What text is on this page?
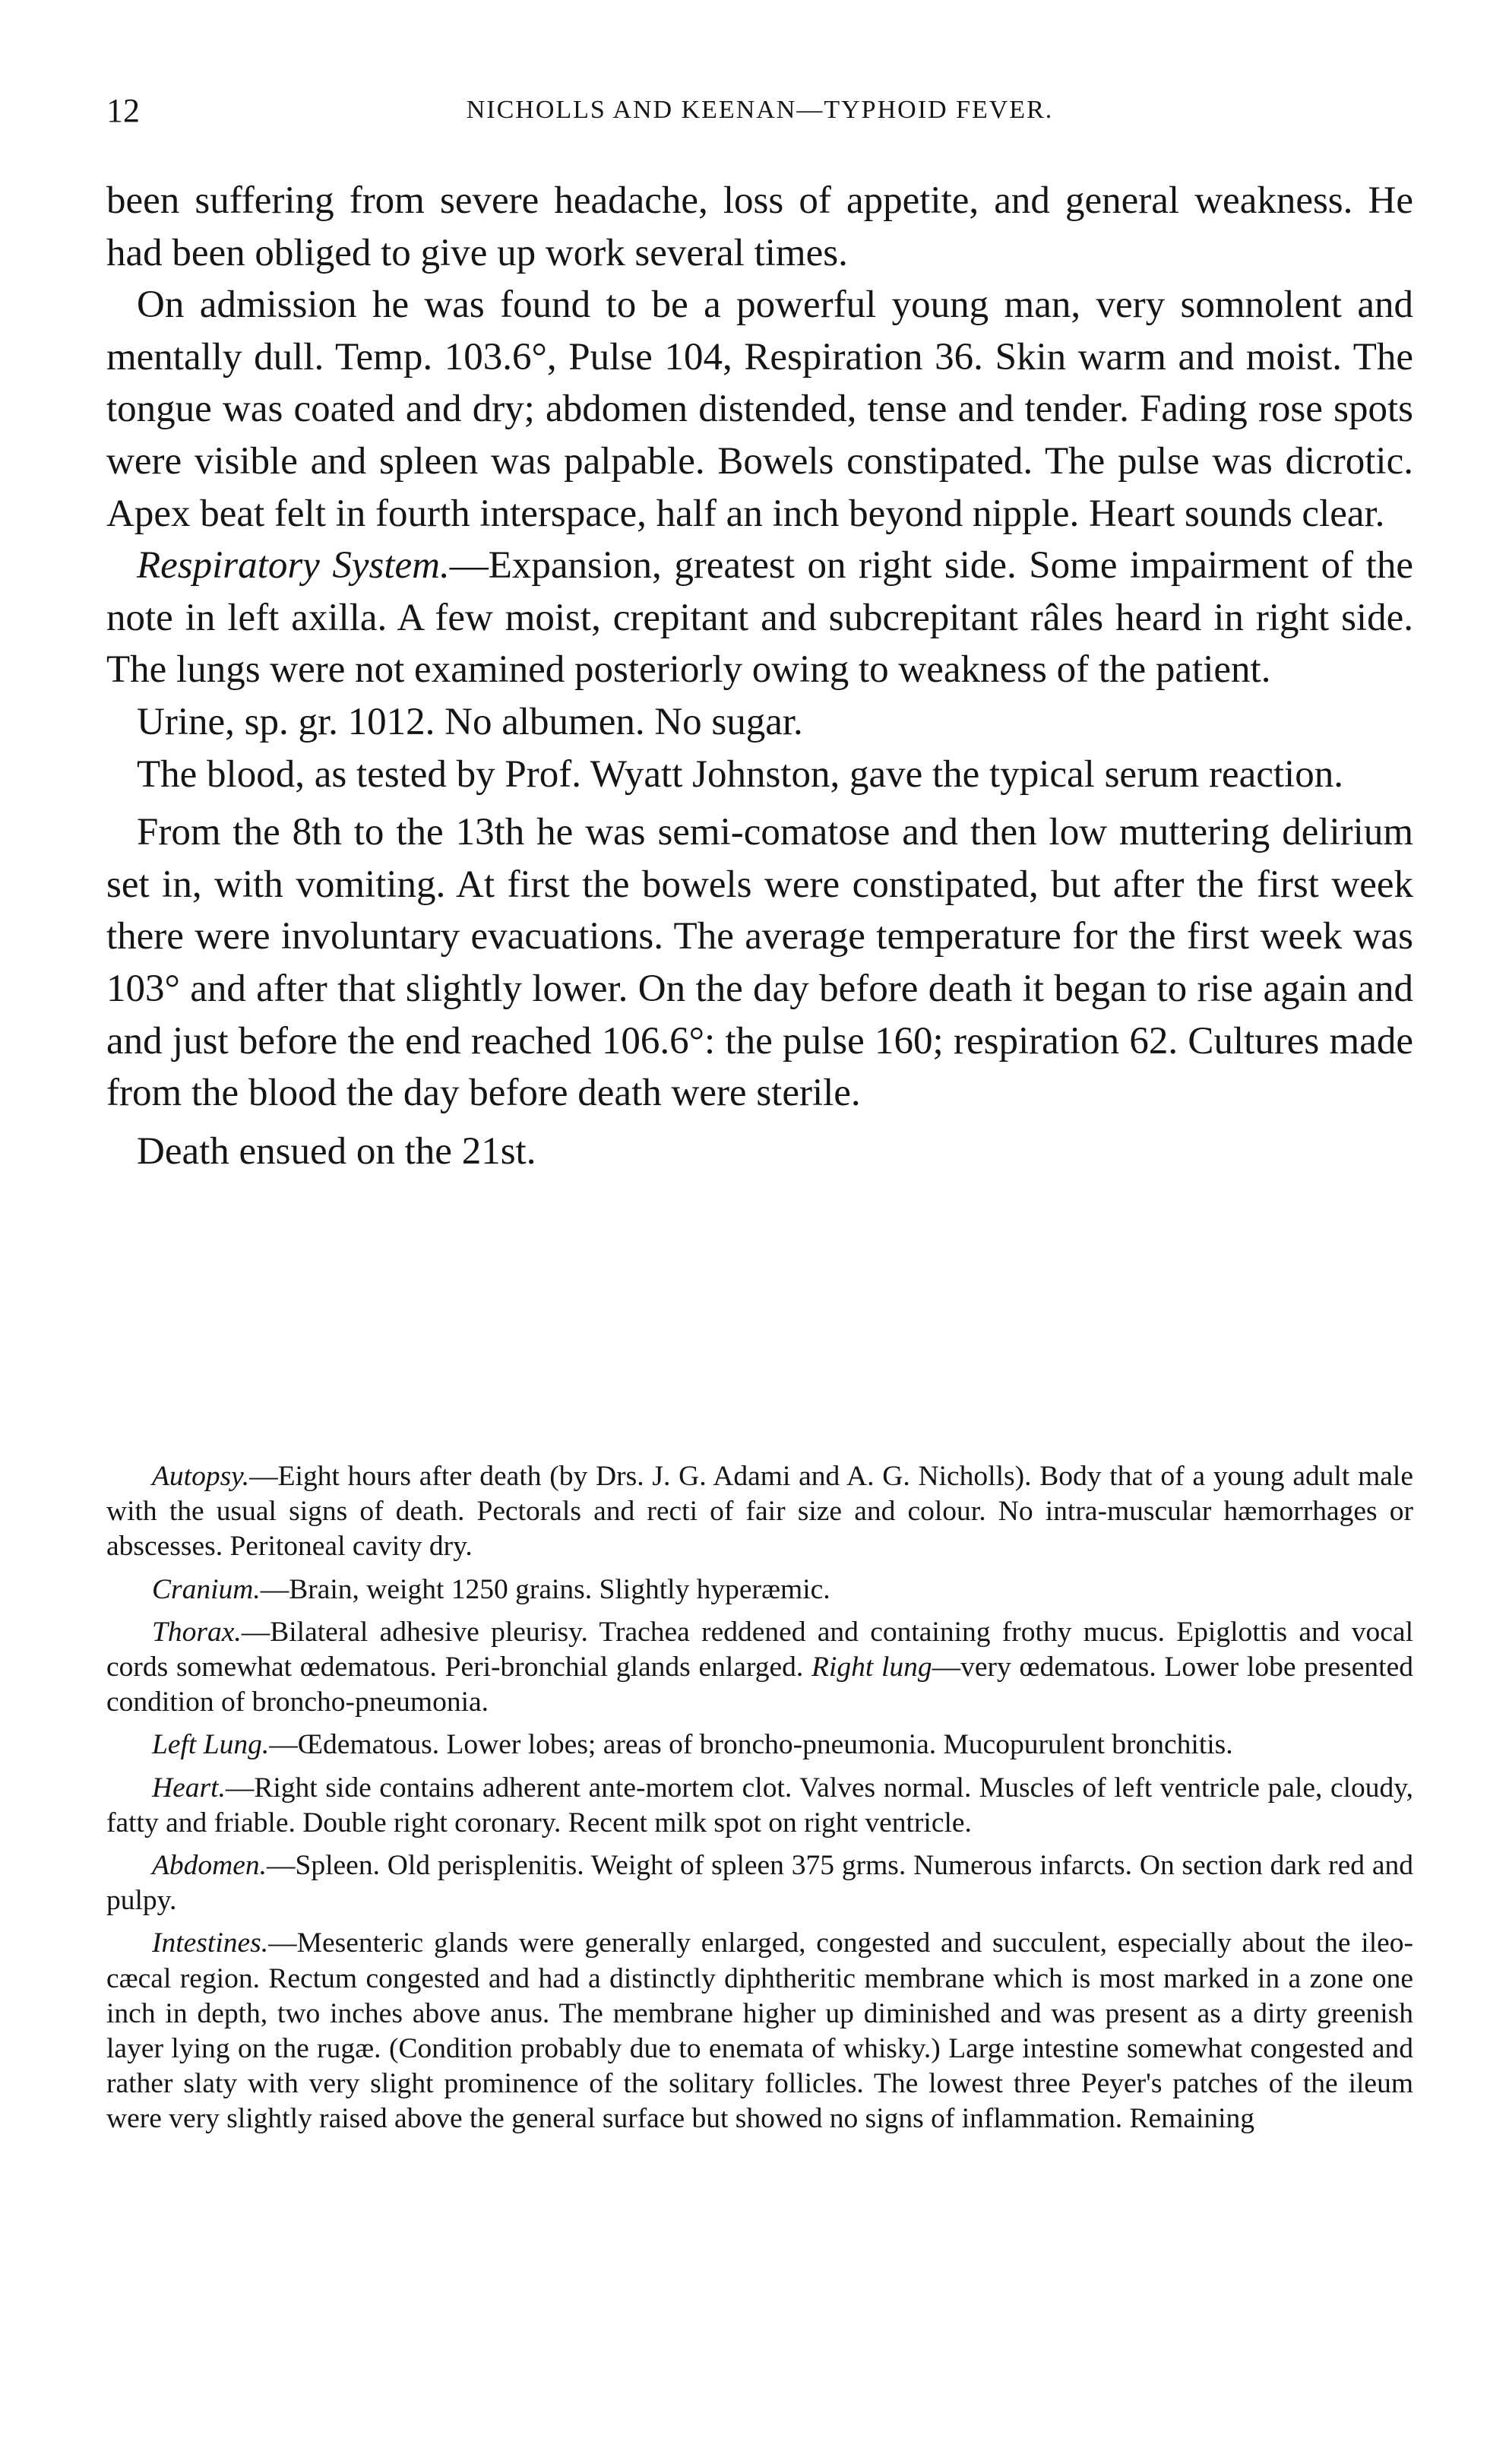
12	NICHOLLS AND KEENAN—TYPHOID FEVER.

been suffering from severe headache, loss of appetite, and general weakness. He had been obliged to give up work several times.

On admission he was found to be a powerful young man, very somnolent and mentally dull. Temp. 103.6°, Pulse 104, Respiration 36. Skin warm and moist. The tongue was coated and dry; abdomen distended, tense and tender. Fading rose spots were visible and spleen was palpable. Bowels constipated. The pulse was dicrotic. Apex beat felt in fourth interspace, half an inch beyond nipple. Heart sounds clear.

Respiratory System.—Expansion, greatest on right side. Some impairment of the note in left axilla. A few moist, crepitant and subcrepitant râles heard in right side. The lungs were not examined posteriorly owing to weakness of the patient.

Urine, sp. gr. 1012. No albumen. No sugar.

The blood, as tested by Prof. Wyatt Johnston, gave the typical serum reaction.

From the 8th to the 13th he was semi-comatose and then low muttering delirium set in, with vomiting. At first the bowels were constipated, but after the first week there were involuntary evacuations. The average temperature for the first week was 103° and after that slightly lower. On the day before death it began to rise again and and just before the end reached 106.6°: the pulse 160; respiration 62. Cultures made from the blood the day before death were sterile.

Death ensued on the 21st.

Autopsy.—Eight hours after death (by Drs. J. G. Adami and A. G. Nicholls). Body that of a young adult male with the usual signs of death. Pectorals and recti of fair size and colour. No intra-muscular hæmorrhages or abscesses. Peritoneal cavity dry.

Cranium.—Brain, weight 1250 grains. Slightly hyperæmic.

Thorax.—Bilateral adhesive pleurisy. Trachea reddened and containing frothy mucus. Epiglottis and vocal cords somewhat œdematous. Peri-bronchial glands enlarged. Right lung—very œdematous. Lower lobe presented condition of broncho-pneumonia.

Left Lung.—Œdematous. Lower lobes; areas of broncho-pneumonia. Mucopurulent bronchitis.

Heart.—Right side contains adherent ante-mortem clot. Valves normal. Muscles of left ventricle pale, cloudy, fatty and friable. Double right coronary. Recent milk spot on right ventricle.

Abdomen.—Spleen. Old perisplenitis. Weight of spleen 375 grms. Numerous infarcts. On section dark red and pulpy.

Intestines.—Mesenteric glands were generally enlarged, congested and succulent, especially about the ileo-cæcal region. Rectum congested and had a distinctly diphtheritic membrane which is most marked in a zone one inch in depth, two inches above anus. The membrane higher up diminished and was present as a dirty greenish layer lying on the rugæ. (Condition probably due to enemata of whisky.) Large intestine somewhat congested and rather slaty with very slight prominence of the solitary follicles. The lowest three Peyer's patches of the ileum were very slightly raised above the general surface but showed no signs of inflammation. Remaining
